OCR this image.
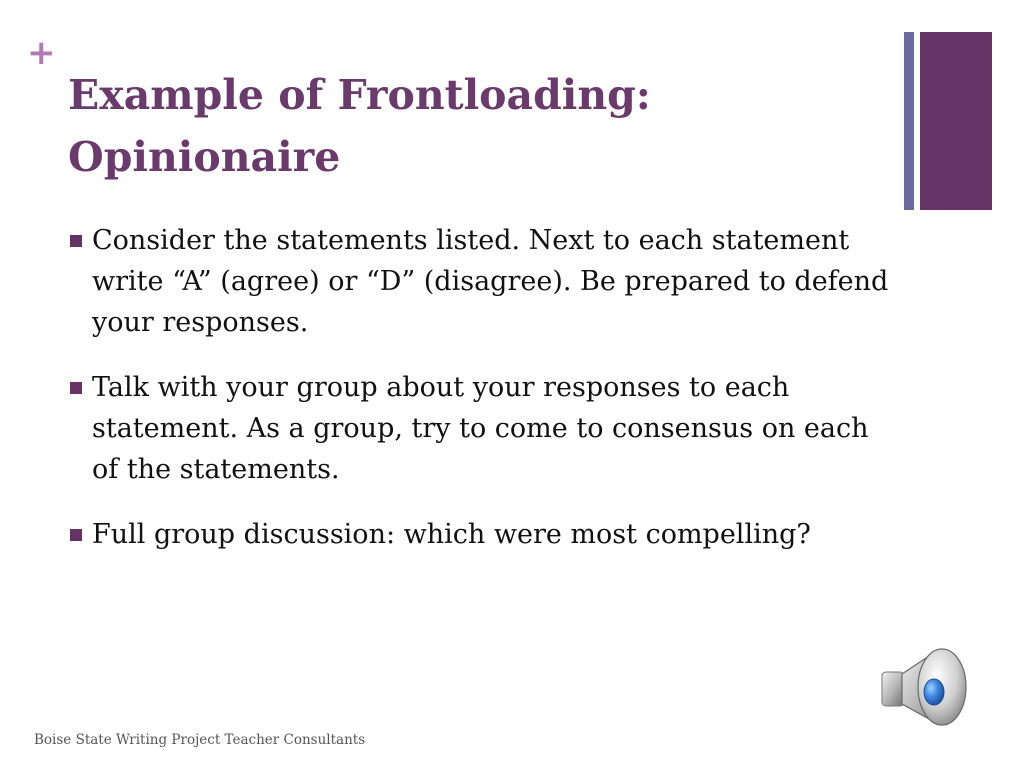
+
Example of Frontloading:
Opinionaire
Consider the statements listed. Next to each statement write “A” (agree) or “D” (disagree). Be prepared to defend your responses.
Talk with your group about your responses to each statement. As a group, try to come to consensus on each of the statements.
Full group discussion: which were most compelling?
Boise State Writing Project Teacher Consultants
